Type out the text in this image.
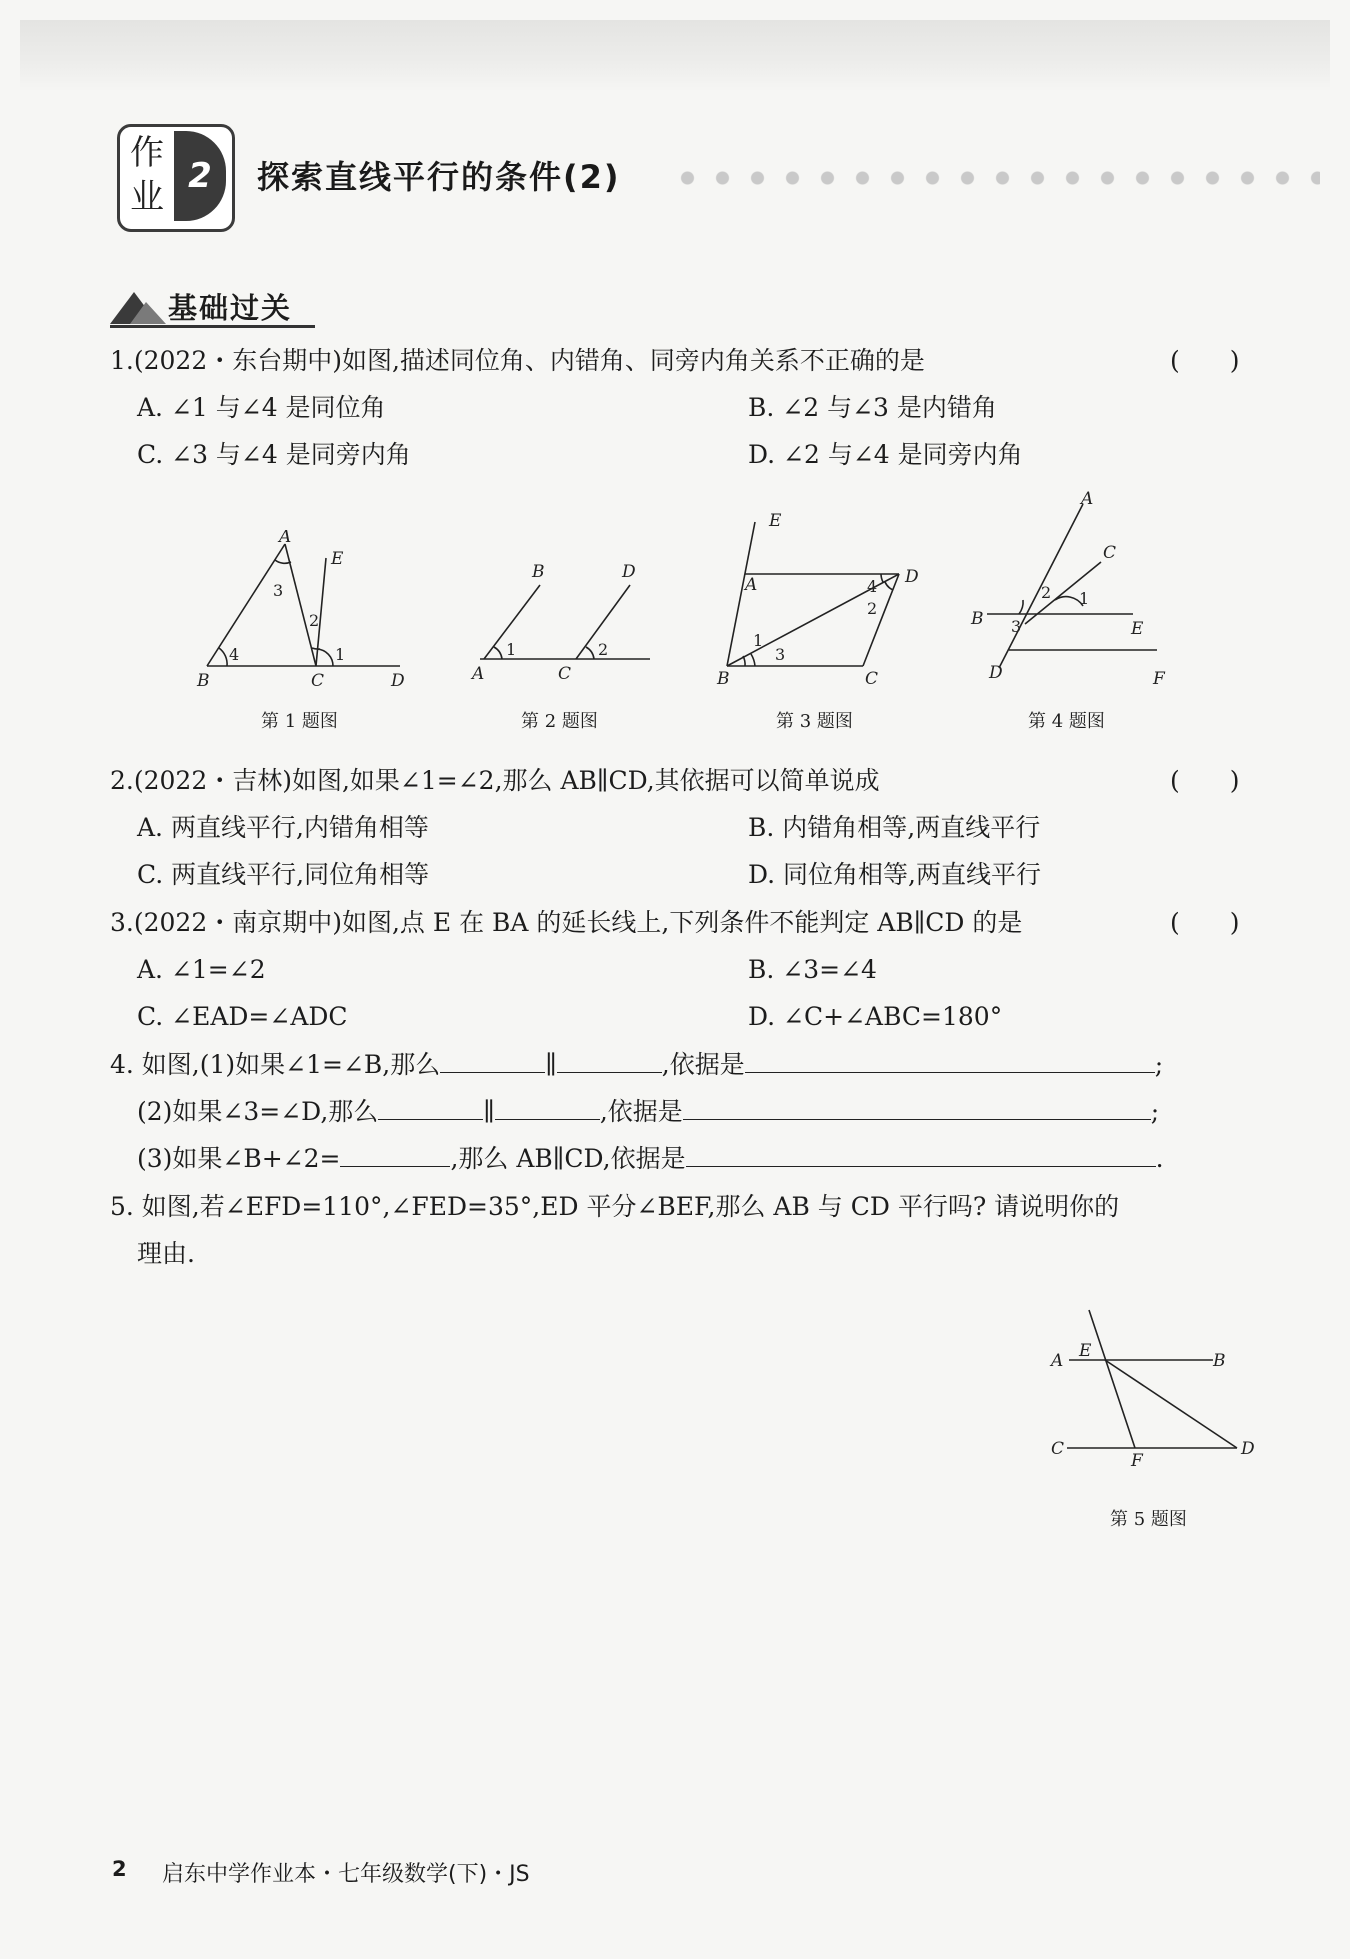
作
业
2	探索直线平行的条件(2)
基础过关
1.(2022・东台期中)如图,描述同位角、内错角、同旁内角关系不正确的是	(　　)
A. ∠1 与∠4 是同位角	B. ∠2 与∠3 是内错角
C. ∠3 与∠4 是同旁内角	D. ∠2 与∠4 是同旁内角
A
E
B	C	D
3
2
1
4
第 1 题图
B	D
A	C
1	2
第 2 题图
E
A	D
B	C
1
3
4
2
第 3 题图
A
C
B	E
D	F
2 1
3
第 4 题图
2.(2022・吉林)如图,如果∠1=∠2,那么 AB∥CD,其依据可以简单说成	(　　)
A. 两直线平行,内错角相等	B. 内错角相等,两直线平行
C. 两直线平行,同位角相等	D. 同位角相等,两直线平行
3.(2022・南京期中)如图,点 E 在 BA 的延长线上,下列条件不能判定 AB∥CD 的是	(　　)
A. ∠1=∠2	B. ∠3=∠4
C. ∠EAD=∠ADC	D. ∠C+∠ABC=180°
4. 如图,(1)如果∠1=∠B,那么	∥	,依据是	;
(2)如果∠3=∠D,那么	∥	,依据是	;
(3)如果∠B+∠2=	,那么 AB∥CD,依据是	.
5. 如图,若∠EFD=110°,∠FED=35°,ED 平分∠BEF,那么 AB 与 CD 平行吗? 请说明你的
理由.
A E	B
C
F
D
第 5 题图
2 启东中学作业本・七年级数学(下)・JS
